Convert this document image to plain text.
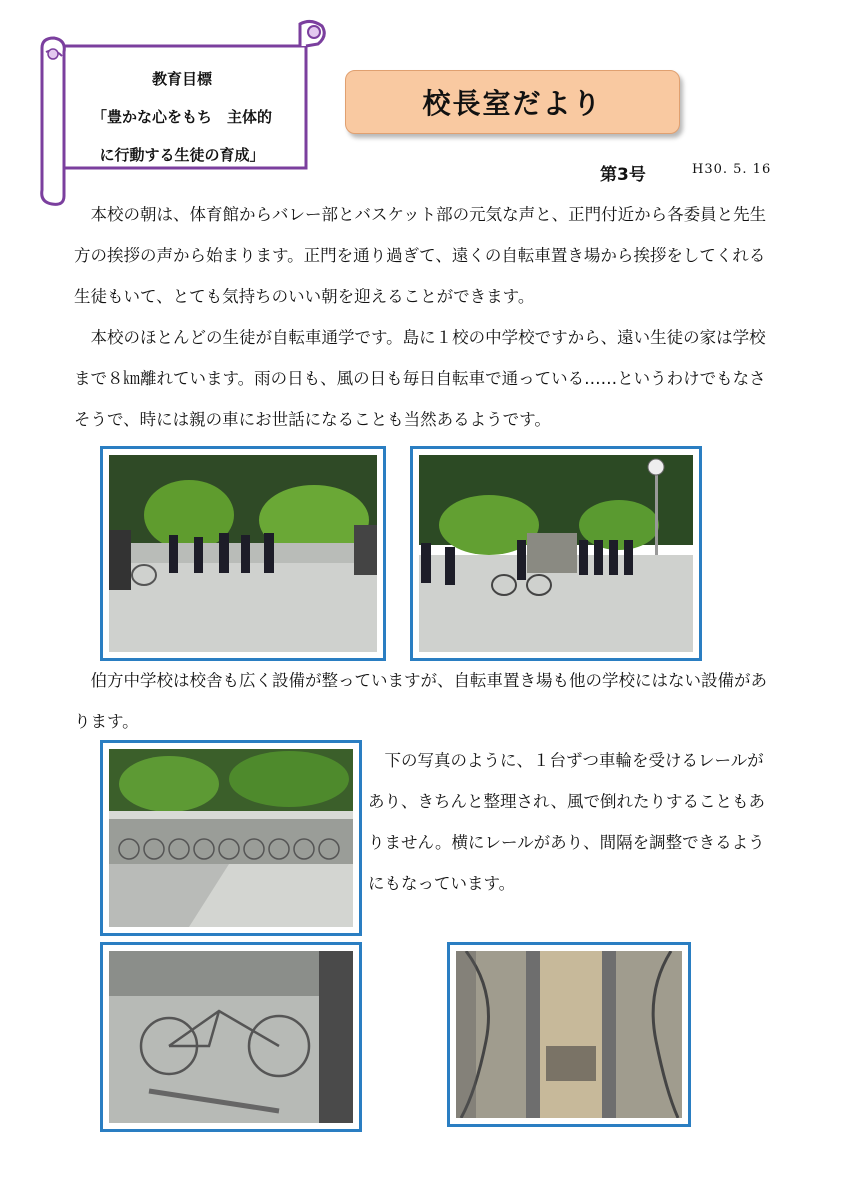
教育目標
「豊かな心をもち　主体的
に行動する生徒の育成」
校長室だより
第3号	H30. 5. 16

本校の朝は、体育館からバレー部とバスケット部の元気な声と、正門付近から各委員と先生方の挨拶の声から始まります。正門を通り過ぎて、遠くの自転車置き場から挨拶をしてくれる生徒もいて、とても気持ちのいい朝を迎えることができます。

本校のほとんどの生徒が自転車通学です。島に１校の中学校ですから、遠い生徒の家は学校まで８㎞離れています。雨の日も、風の日も毎日自転車で通っている……というわけでもなさそうで、時には親の車にお世話になることも当然あるようです。

伯方中学校は校舎も広く設備が整っていますが、自転車置き場も他の学校にはない設備があります。

下の写真のように、１台ずつ車輪を受けるレールがあり、きちんと整理され、風で倒れたりすることもありません。横にレールがあり、間隔を調整できるようにもなっています。
